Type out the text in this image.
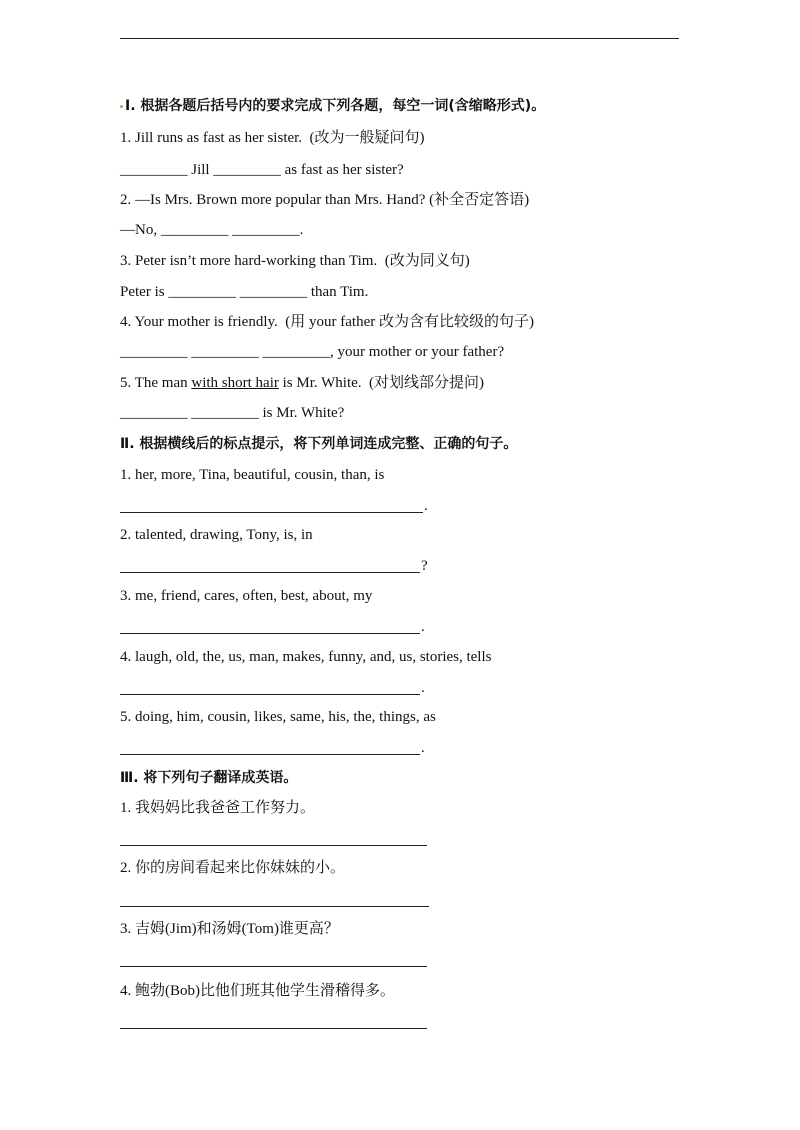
Ⅰ. 根据各题后括号内的要求完成下列各题，每空一词(含缩略形式)。
1. Jill runs as fast as her sister.  (改为一般疑问句)
_________ Jill _________ as fast as her sister?
2. —Is Mrs. Brown more popular than Mrs. Hand? (补全否定答语)
—No, _________ _________.
3. Peter isn’t more hard-working than Tim.  (改为同义句)
Peter is _________ _________ than Tim.
4. Your mother is friendly.  (用 your father 改为含有比较级的句子)
_________ _________ _________, your mother or your father?
5. The man with short hair is Mr. White.  (对划线部分提问)
_________ _________ is Mr. White?
Ⅱ. 根据横线后的标点提示，将下列单词连成完整、正确的句子。
1. her, more, Tina, beautiful, cousin, than, is
.
2. talented, drawing, Tony, is, in
?
3. me, friend, cares, often, best, about, my
.
4. laugh, old, the, us, man, makes, funny, and, us, stories, tells
.
5. doing, him, cousin, likes, same, his, the, things, as
.
Ⅲ. 将下列句子翻译成英语。
1. 我妈妈比我爸爸工作努力。
2. 你的房间看起来比你妹妹的小。
3. 吉姆(Jim)和汤姆(Tom)谁更高？
4. 鲍勃(Bob)比他们班其他学生滑稽得多。
